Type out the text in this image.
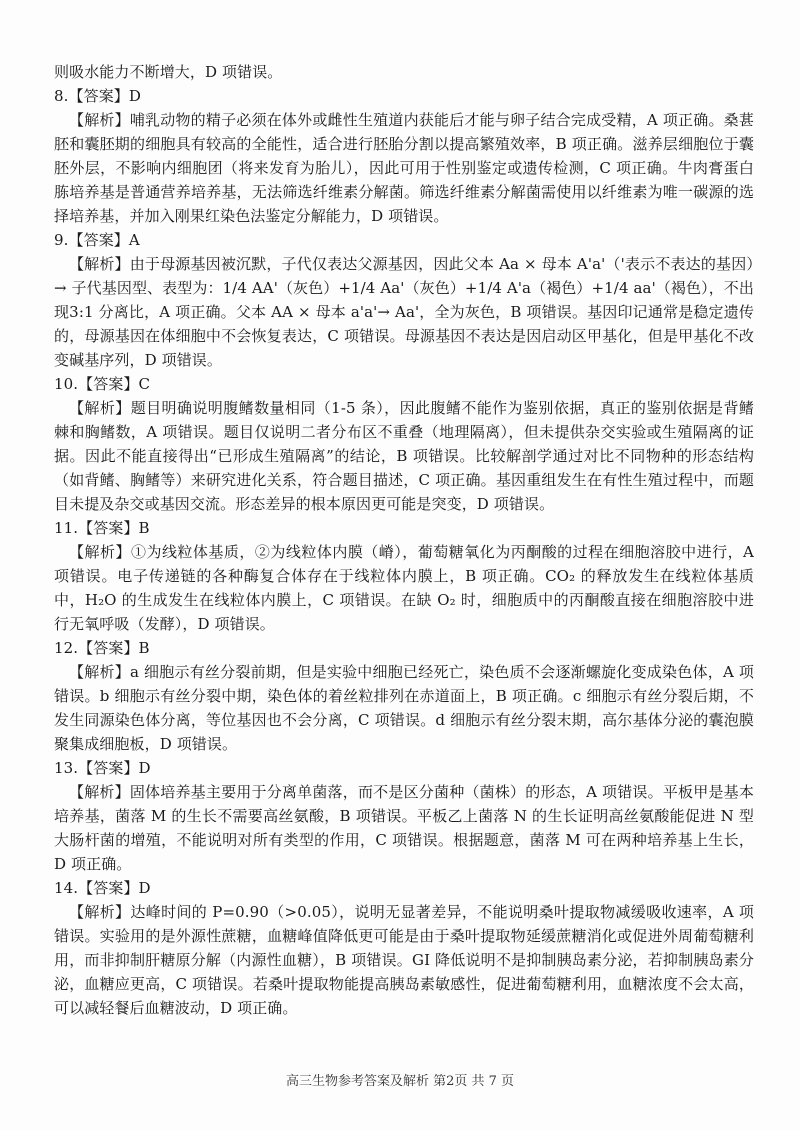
则吸水能力不断增大，D 项错误。

8.【答案】D

【解析】哺乳动物的精子必须在体外或雌性生殖道内获能后才能与卵子结合完成受精，A 项正确。桑葚胚和囊胚期的细胞具有较高的全能性，适合进行胚胎分割以提高繁殖效率，B 项正确。滋养层细胞位于囊胚外层，不影响内细胞团（将来发育为胎儿），因此可用于性别鉴定或遗传检测，C 项正确。牛肉膏蛋白胨培养基是普通营养培养基，无法筛选纤维素分解菌。筛选纤维素分解菌需使用以纤维素为唯一碳源的选择培养基，并加入刚果红染色法鉴定分解能力，D 项错误。

9.【答案】A

【解析】由于母源基因被沉默，子代仅表达父源基因，因此父本 Aa × 母本 A'a'（'表示不表达的基因）→ 子代基因型、表型为：1/4 AA'（灰色）+1/4 Aa'（灰色）+1/4 A'a（褐色）+1/4 aa'（褐色），不出现3:1 分离比，A 项正确。父本 AA × 母本 a'a'→ Aa'，全为灰色，B 项错误。基因印记通常是稳定遗传的，母源基因在体细胞中不会恢复表达，C 项错误。母源基因不表达是因启动区甲基化，但是甲基化不改变碱基序列，D 项错误。

10.【答案】C

【解析】题目明确说明腹鳍数量相同（1-5 条），因此腹鳍不能作为鉴别依据，真正的鉴别依据是背鳍棘和胸鳍数，A 项错误。题目仅说明二者分布区不重叠（地理隔离），但未提供杂交实验或生殖隔离的证据。因此不能直接得出“已形成生殖隔离”的结论，B 项错误。比较解剖学通过对比不同物种的形态结构（如背鳍、胸鳍等）来研究进化关系，符合题目描述，C 项正确。基因重组发生在有性生殖过程中，而题目未提及杂交或基因交流。形态差异的根本原因更可能是突变，D 项错误。

11.【答案】B

【解析】①为线粒体基质，②为线粒体内膜（嵴），葡萄糖氧化为丙酮酸的过程在细胞溶胶中进行，A 项错误。电子传递链的各种酶复合体存在于线粒体内膜上，B 项正确。CO₂ 的释放发生在线粒体基质中，H₂O 的生成发生在线粒体内膜上，C 项错误。在缺 O₂ 时，细胞质中的丙酮酸直接在细胞溶胶中进行无氧呼吸（发酵），D 项错误。

12.【答案】B

【解析】a 细胞示有丝分裂前期，但是实验中细胞已经死亡，染色质不会逐渐螺旋化变成染色体，A 项错误。b 细胞示有丝分裂中期，染色体的着丝粒排列在赤道面上，B 项正确。c 细胞示有丝分裂后期，不发生同源染色体分离，等位基因也不会分离，C 项错误。d 细胞示有丝分裂末期，高尔基体分泌的囊泡膜聚集成细胞板，D 项错误。

13.【答案】D

【解析】固体培养基主要用于分离单菌落，而不是区分菌种（菌株）的形态，A 项错误。平板甲是基本培养基，菌落 M 的生长不需要高丝氨酸，B 项错误。平板乙上菌落 N 的生长证明高丝氨酸能促进 N 型大肠杆菌的增殖，不能说明对所有类型的作用，C 项错误。根据题意，菌落 M 可在两种培养基上生长，D 项正确。

14.【答案】D

【解析】达峰时间的 P=0.90（>0.05），说明无显著差异，不能说明桑叶提取物减缓吸收速率，A 项错误。实验用的是外源性蔗糖，血糖峰值降低更可能是由于桑叶提取物延缓蔗糖消化或促进外周葡萄糖利用，而非抑制肝糖原分解（内源性血糖），B 项错误。GI 降低说明不是抑制胰岛素分泌，若抑制胰岛素分泌，血糖应更高，C 项错误。若桑叶提取物能提高胰岛素敏感性，促进葡萄糖利用，血糖浓度不会太高，可以减轻餐后血糖波动，D 项正确。

高三生物参考答案及解析 第2页 共 7 页
